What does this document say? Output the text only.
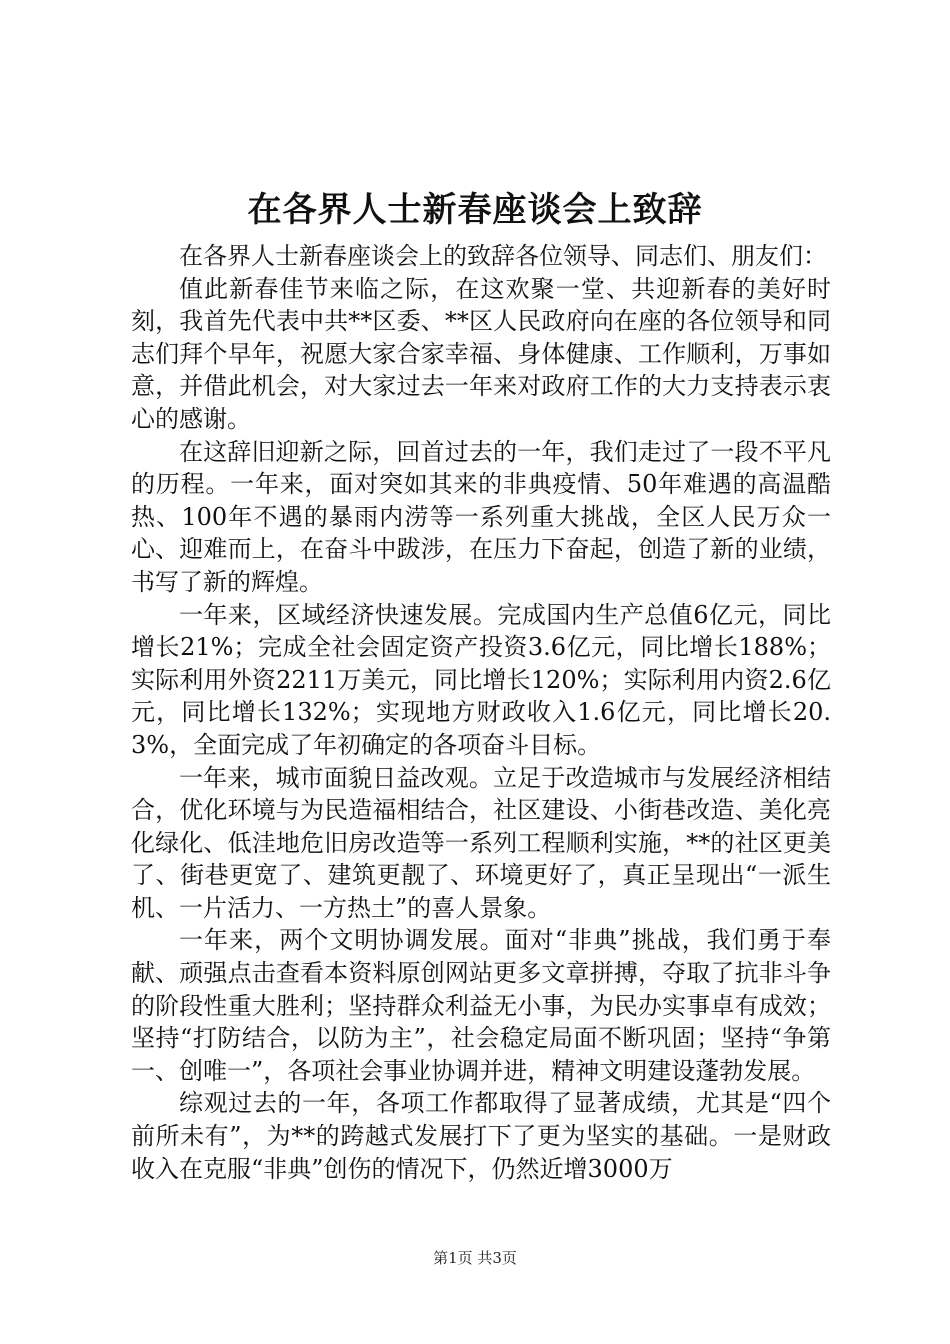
在各界人士新春座谈会上致辞

在各界人士新春座谈会上的致辞各位领导、同志们、朋友们：

值此新春佳节来临之际，在这欢聚一堂、共迎新春的美好时刻，我首先代表中共**区委、**区人民政府向在座的各位领导和同志们拜个早年，祝愿大家合家幸福、身体健康、工作顺利，万事如意，并借此机会，对大家过去一年来对政府工作的大力支持表示衷心的感谢。

在这辞旧迎新之际，回首过去的一年，我们走过了一段不平凡的历程。一年来，面对突如其来的非典疫情、50年难遇的高温酷热、100年不遇的暴雨内涝等一系列重大挑战，全区人民万众一心、迎难而上，在奋斗中跋涉，在压力下奋起，创造了新的业绩，书写了新的辉煌。

一年来，区域经济快速发展。完成国内生产总值6亿元，同比增长21%；完成全社会固定资产投资3.6亿元，同比增长188%；实际利用外资2211万美元，同比增长120%；实际利用内资2.6亿元，同比增长132%；实现地方财政收入1.6亿元，同比增长20.3%，全面完成了年初确定的各项奋斗目标。

一年来，城市面貌日益改观。立足于改造城市与发展经济相结合，优化环境与为民造福相结合，社区建设、小街巷改造、美化亮化绿化、低洼地危旧房改造等一系列工程顺利实施，**的社区更美了、街巷更宽了、建筑更靓了、环境更好了，真正呈现出“一派生机、一片活力、一方热土”的喜人景象。

一年来，两个文明协调发展。面对“非典”挑战，我们勇于奉献、顽强点击查看本资料原创网站更多文章拼搏，夺取了抗非斗争的阶段性重大胜利；坚持群众利益无小事，为民办实事卓有成效；坚持“打防结合，以防为主”，社会稳定局面不断巩固；坚持“争第一、创唯一”，各项社会事业协调并进，精神文明建设蓬勃发展。

综观过去的一年，各项工作都取得了显著成绩，尤其是“四个前所未有”，为**的跨越式发展打下了更为坚实的基础。一是财政收入在克服“非典”创伤的情况下，仍然近增3000万

第1页 共3页
